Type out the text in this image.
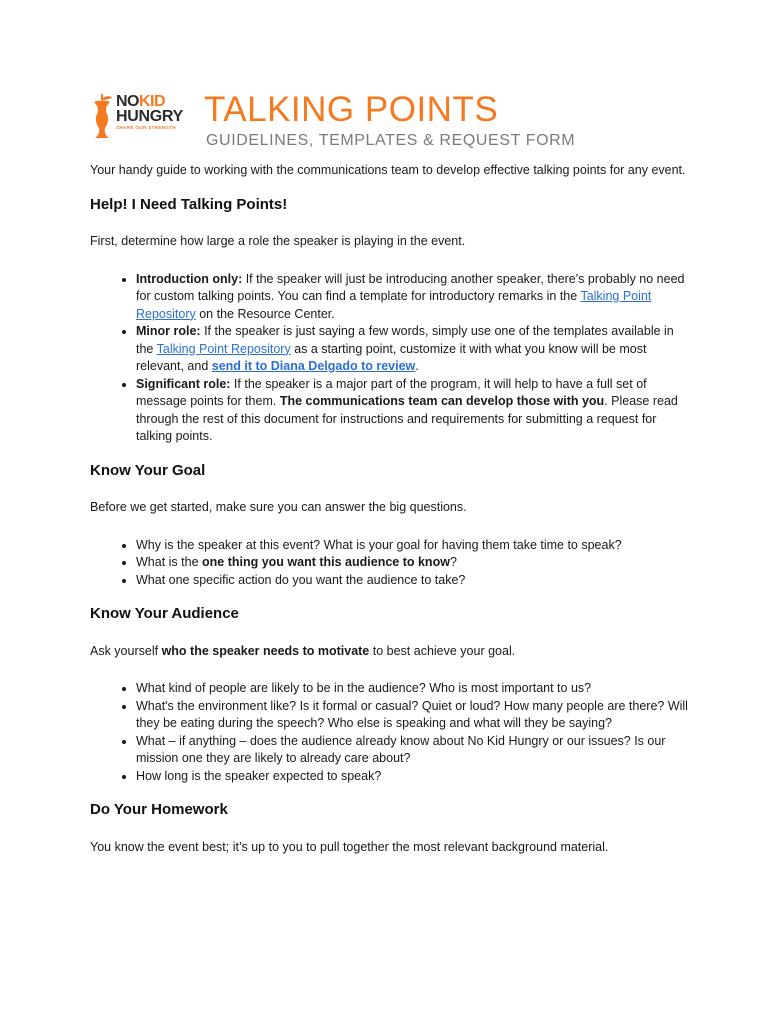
NOKID
HUNGRY
SHARE OUR STRENGTH TALKING POINTS
GUIDELINES, TEMPLATES & REQUEST FORM

Your handy guide to working with the communications team to develop effective talking points for any event.

Help! I Need Talking Points!

First, determine how large a role the speaker is playing in the event.

• Introduction only: If the speaker will just be introducing another speaker, there's probably no need for custom talking points. You can find a template for introductory remarks in the Talking Point Repository on the Resource Center.
• Minor role: If the speaker is just saying a few words, simply use one of the templates available in the Talking Point Repository as a starting point, customize it with what you know will be most relevant, and send it to Diana Delgado to review.
• Significant role: If the speaker is a major part of the program, it will help to have a full set of message points for them. The communications team can develop those with you. Please read through the rest of this document for instructions and requirements for submitting a request for talking points.
Know Your Goal

Before we get started, make sure you can answer the big questions.

• Why is the speaker at this event? What is your goal for having them take time to speak?
• What is the one thing you want this audience to know?
• What one specific action do you want the audience to take?
Know Your Audience

Ask yourself who the speaker needs to motivate to best achieve your goal.

• What kind of people are likely to be in the audience? Who is most important to us?
• What's the environment like? Is it formal or casual? Quiet or loud? How many people are there? Will they be eating during the speech? Who else is speaking and what will they be saying?
• What – if anything – does the audience already know about No Kid Hungry or our issues? Is our mission one they are likely to already care about?
• How long is the speaker expected to speak?
Do Your Homework

You know the event best; it’s up to you to pull together the most relevant background material.
